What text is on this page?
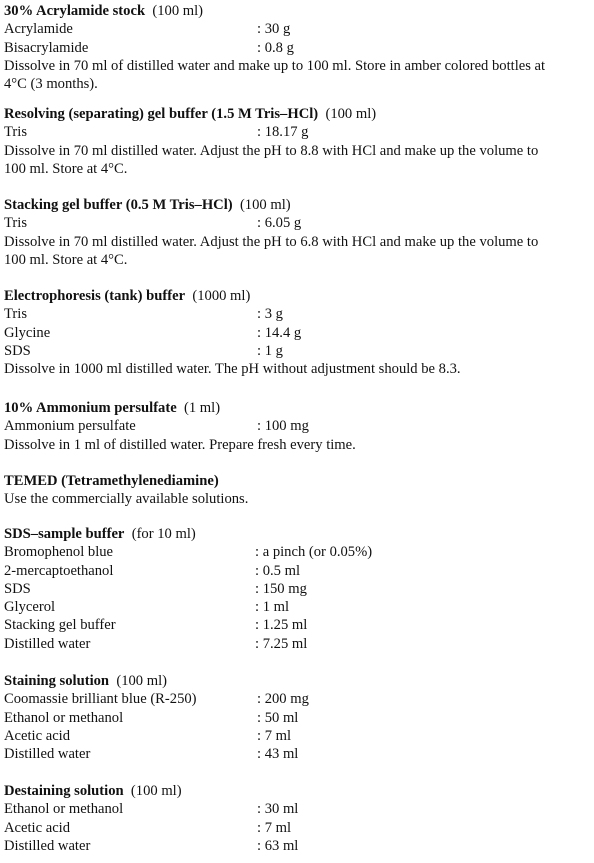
30% Acrylamide stock (100 ml)
Acrylamide	: 30 g
Bisacrylamide	: 0.8 g
Dissolve in 70 ml of distilled water and make up to 100 ml. Store in amber colored bottles at
4°C (3 months).
Resolving (separating) gel buffer (1.5 M Tris–HCl) (100 ml)
Tris	: 18.17 g
Dissolve in 70 ml distilled water. Adjust the pH to 8.8 with HCl and make up the volume to
100 ml. Store at 4°C.
Stacking gel buffer (0.5 M Tris–HCl) (100 ml)
Tris	: 6.05 g
Dissolve in 70 ml distilled water. Adjust the pH to 6.8 with HCl and make up the volume to
100 ml. Store at 4°C.
Electrophoresis (tank) buffer (1000 ml)
Tris	: 3 g
Glycine	: 14.4 g
SDS	: 1 g
Dissolve in 1000 ml distilled water. The pH without adjustment should be 8.3.
10% Ammonium persulfate (1 ml)
Ammonium persulfate	: 100 mg
Dissolve in 1 ml of distilled water. Prepare fresh every time.
TEMED (Tetramethylenediamine)
Use the commercially available solutions.
SDS–sample buffer (for 10 ml)
Bromophenol blue	: a pinch (or 0.05%)
2-mercaptoethanol	: 0.5 ml
SDS	: 150 mg
Glycerol	: 1 ml
Stacking gel buffer	: 1.25 ml
Distilled water	: 7.25 ml
Staining solution (100 ml)
Coomassie brilliant blue (R-250)	: 200 mg
Ethanol or methanol	: 50 ml
Acetic acid	: 7 ml
Distilled water	: 43 ml
Destaining solution (100 ml)
Ethanol or methanol	: 30 ml
Acetic acid	: 7 ml
Distilled water	: 63 ml
